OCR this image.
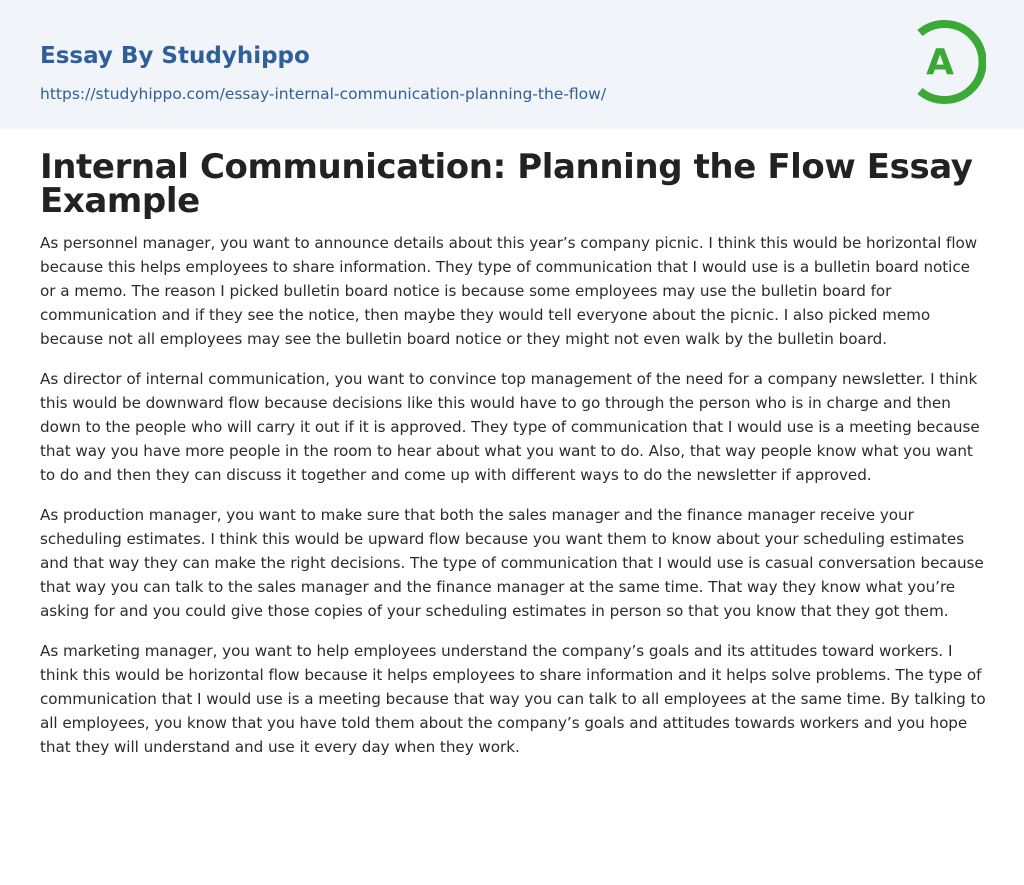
Essay By Studyhippo
https://studyhippo.com/essay-internal-communication-planning-the-flow/
A
Internal Communication: Planning the Flow Essay Example

As personnel manager, you want to announce details about this year’s company picnic. I think this would be horizontal flow because this helps employees to share information. They type of communication that I would use is a bulletin board notice or a memo. The reason I picked bulletin board notice is because some employees may use the bulletin board for communication and if they see the notice, then maybe they would tell everyone about the picnic. I also picked memo because not all employees may see the bulletin board notice or they might not even walk by the bulletin board.

As director of internal communication, you want to convince top management of the need for a company newsletter. I think this would be downward flow because decisions like this would have to go through the person who is in charge and then down to the people who will carry it out if it is approved. They type of communication that I would use is a meeting because that way you have more people in the room to hear about what you want to do. Also, that way people know what you want to do and then they can discuss it together and come up with different ways to do the newsletter if approved.

As production manager, you want to make sure that both the sales manager and the finance manager receive your scheduling estimates. I think this would be upward flow because you want them to know about your scheduling estimates and that way they can make the right decisions. The type of communication that I would use is casual conversation because that way you can talk to the sales manager and the finance manager at the same time. That way they know what you’re asking for and you could give those copies of your scheduling estimates in person so that you know that they got them.

As marketing manager, you want to help employees understand the company’s goals and its attitudes toward workers. I think this would be horizontal flow because it helps employees to share information and it helps solve problems. The type of communication that I would use is a meeting because that way you can talk to all employees at the same time. By talking to all employees, you know that you have told them about the company’s goals and attitudes towards workers and you hope that they will understand and use it every day when they work.
